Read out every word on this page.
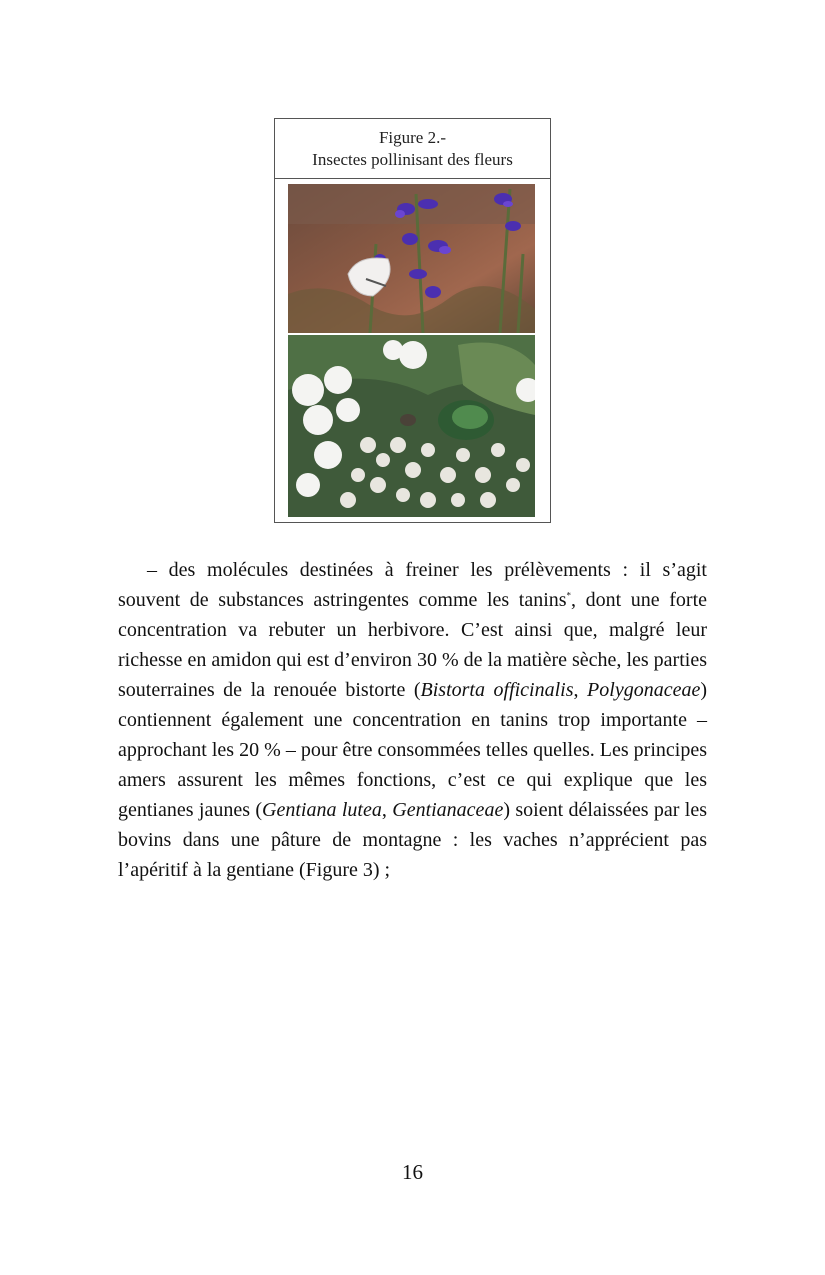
Figure 2.-
Insectes pollinisant des fleurs

– des molécules destinées à freiner les prélèvements : il s’agit souvent de substances astringentes comme les tanins*, dont une forte concentration va rebuter un herbivore. C’est ainsi que, malgré leur richesse en amidon qui est d’environ 30 % de la matière sèche, les parties souterraines de la renouée bistorte (Bistorta officinalis, Polygonaceae) contiennent également une concentration en tanins trop importante – approchant les 20 % – pour être consommées telles quelles. Les principes amers assurent les mêmes fonctions, c’est ce qui explique que les gentianes jaunes (Gentiana lutea, Gentianaceae) soient délaissées par les bovins dans une pâture de montagne : les vaches n’apprécient pas l’apéritif à la gentiane (Figure 3) ;

16
